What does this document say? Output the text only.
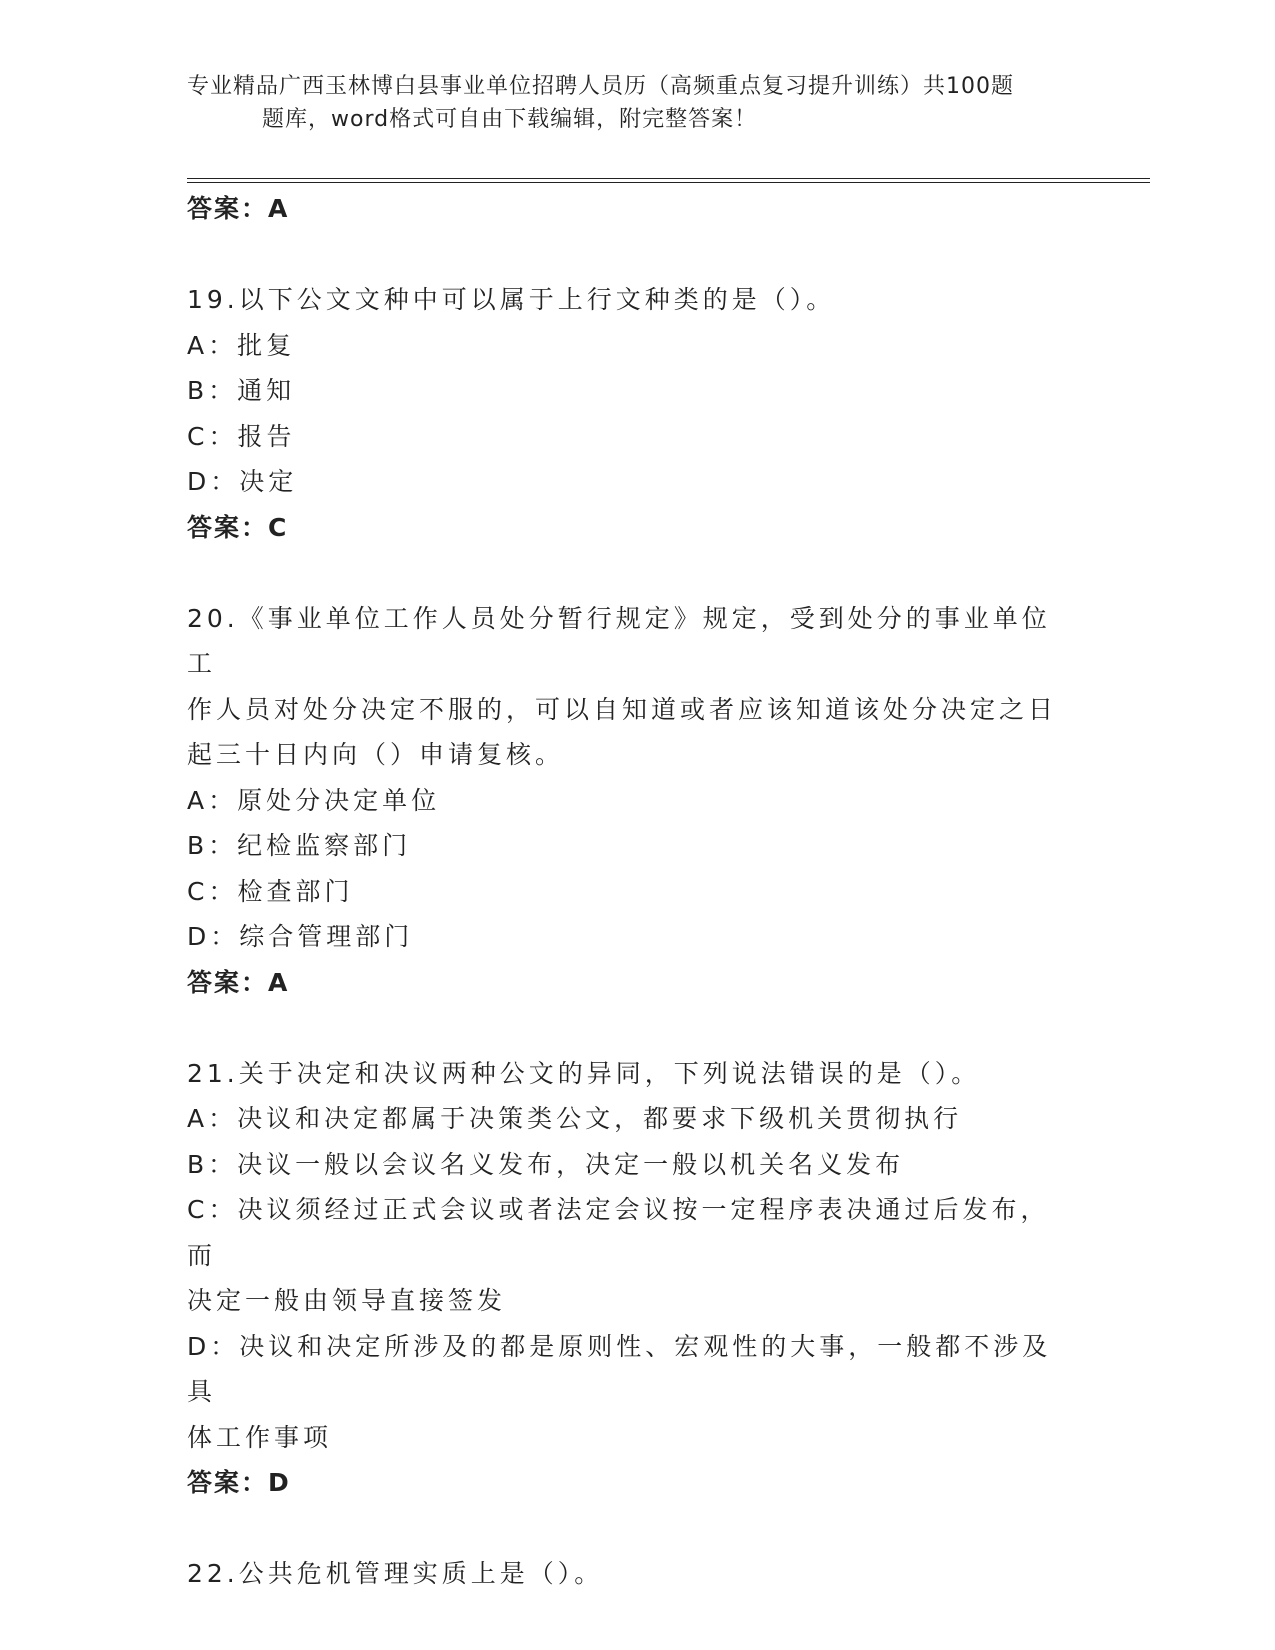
专业精品广西玉林博白县事业单位招聘人员历（高频重点复习提升训练）共100题
题库，word格式可自由下载编辑，附完整答案！
答案：A
19.以下公文文种中可以属于上行文种类的是（）。
A：批复
B：通知
C：报告
D：决定
答案：C
20.《事业单位工作人员处分暂行规定》规定，受到处分的事业单位工
作人员对处分决定不服的，可以自知道或者应该知道该处分决定之日
起三十日内向（）申请复核。
A：原处分决定单位
B：纪检监察部门
C：检查部门
D：综合管理部门
答案：A
21.关于决定和决议两种公文的异同，下列说法错误的是（）。
A：决议和决定都属于决策类公文，都要求下级机关贯彻执行
B：决议一般以会议名义发布，决定一般以机关名义发布
C：决议须经过正式会议或者法定会议按一定程序表决通过后发布，而
决定一般由领导直接签发
D：决议和决定所涉及的都是原则性、宏观性的大事，一般都不涉及具
体工作事项
答案：D
22.公共危机管理实质上是（）。
